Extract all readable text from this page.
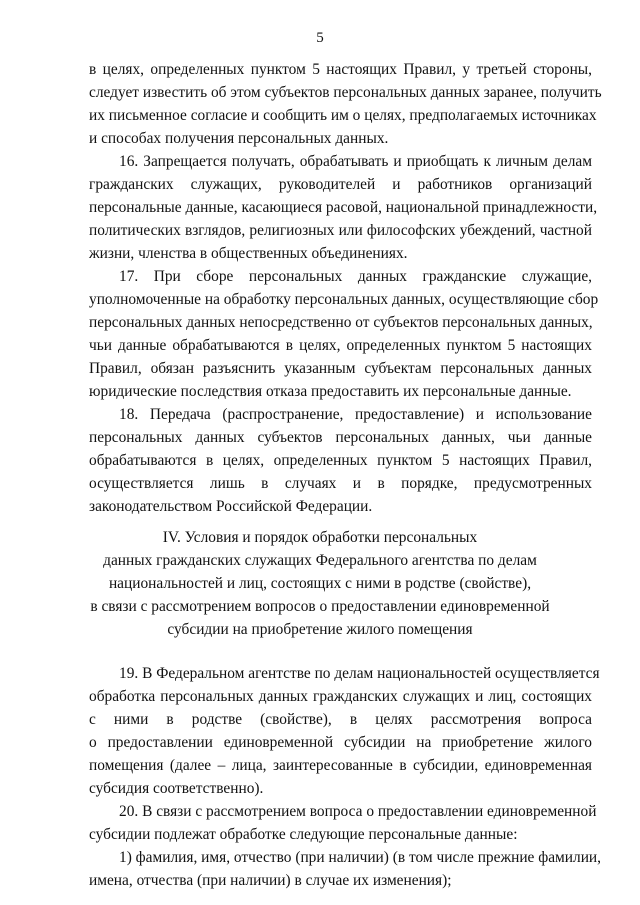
5
в целях, определенных пунктом 5 настоящих Правил, у третьей стороны,
следует известить об этом субъектов персональных данных заранее, получить
их письменное согласие и сообщить им о целях, предполагаемых источниках
и способах получения персональных данных.
16. Запрещается получать, обрабатывать и приобщать к личным делам
гражданских служащих, руководителей и работников организаций
персональные данные, касающиеся расовой, национальной принадлежности,
политических взглядов, религиозных или философских убеждений, частной
жизни, членства в общественных объединениях.
17. При сборе персональных данных гражданские служащие,
уполномоченные на обработку персональных данных, осуществляющие сбор
персональных данных непосредственно от субъектов персональных данных,
чьи данные обрабатываются в целях, определенных пунктом 5 настоящих
Правил, обязан разъяснить указанным субъектам персональных данных
юридические последствия отказа предоставить их персональные данные.
18. Передача (распространение, предоставление) и использование
персональных данных субъектов персональных данных, чьи данные
обрабатываются в целях, определенных пунктом 5 настоящих Правил,
осуществляется лишь в случаях и в порядке, предусмотренных
законодательством Российской Федерации.
IV. Условия и порядок обработки персональных
данных гражданских служащих Федерального агентства по делам
национальностей и лиц, состоящих с ними в родстве (свойстве),
в связи с рассмотрением вопросов о предоставлении единовременной
субсидии на приобретение жилого помещения
19. В Федеральном агентстве по делам национальностей осуществляется
обработка персональных данных гражданских служащих и лиц, состоящих
с ними в родстве (свойстве), в целях рассмотрения вопроса
о предоставлении единовременной субсидии на приобретение жилого
помещения (далее – лица, заинтересованные в субсидии, единовременная
субсидия соответственно).
20. В связи с рассмотрением вопроса о предоставлении единовременной
субсидии подлежат обработке следующие персональные данные:
1) фамилия, имя, отчество (при наличии) (в том числе прежние фамилии,
имена, отчества (при наличии) в случае их изменения);
